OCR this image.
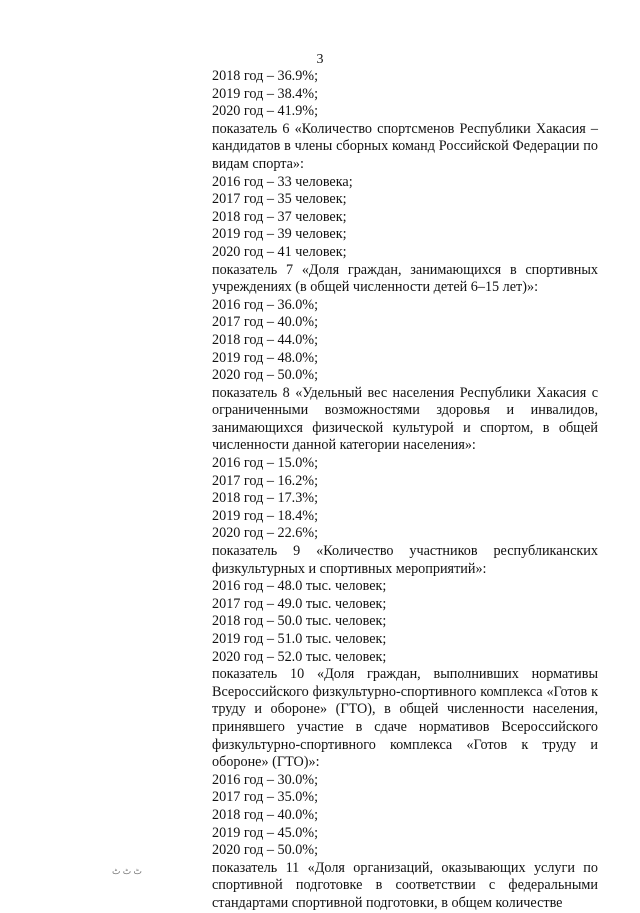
3
2018 год – 36.9%;
2019 год – 38.4%;
2020 год – 41.9%;
показатель 6 «Количество спортсменов Республики Хакасия – кандидатов в члены сборных команд Российской Федерации по видам спорта»:
2016 год – 33 человека;
2017 год – 35 человек;
2018 год – 37 человек;
2019 год – 39 человек;
2020 год – 41 человек;
показатель 7 «Доля граждан, занимающихся в спортивных учреждениях (в общей численности детей 6–15 лет)»:
2016 год – 36.0%;
2017 год – 40.0%;
2018 год – 44.0%;
2019 год – 48.0%;
2020 год – 50.0%;
показатель 8 «Удельный вес населения Республики Хакасия с ограниченными возможностями здоровья и инвалидов, занимающихся физической культурой и спортом, в общей численности данной категории населения»:
2016 год – 15.0%;
2017 год – 16.2%;
2018 год – 17.3%;
2019 год – 18.4%;
2020 год – 22.6%;
показатель 9 «Количество участников республиканских физкультурных и спортивных мероприятий»:
2016 год – 48.0 тыс. человек;
2017 год – 49.0 тыс. человек;
2018 год – 50.0 тыс. человек;
2019 год – 51.0 тыс. человек;
2020 год – 52.0 тыс. человек;
показатель 10 «Доля граждан, выполнивших нормативы Всероссийского физкультурно-спортивного комплекса «Готов к труду и обороне» (ГТО), в общей численности населения, принявшего участие в сдаче нормативов Всероссийского физкультурно-спортивного комплекса «Готов к труду и обороне» (ГТО)»:
2016 год – 30.0%;
2017 год – 35.0%;
2018 год – 40.0%;
2019 год – 45.0%;
2020 год – 50.0%;
показатель 11 «Доля организаций, оказывающих услуги по спортивной подготовке в соответствии с федеральными стандартами спортивной подготовки, в общем количестве
ٹ ٹ ٹ
